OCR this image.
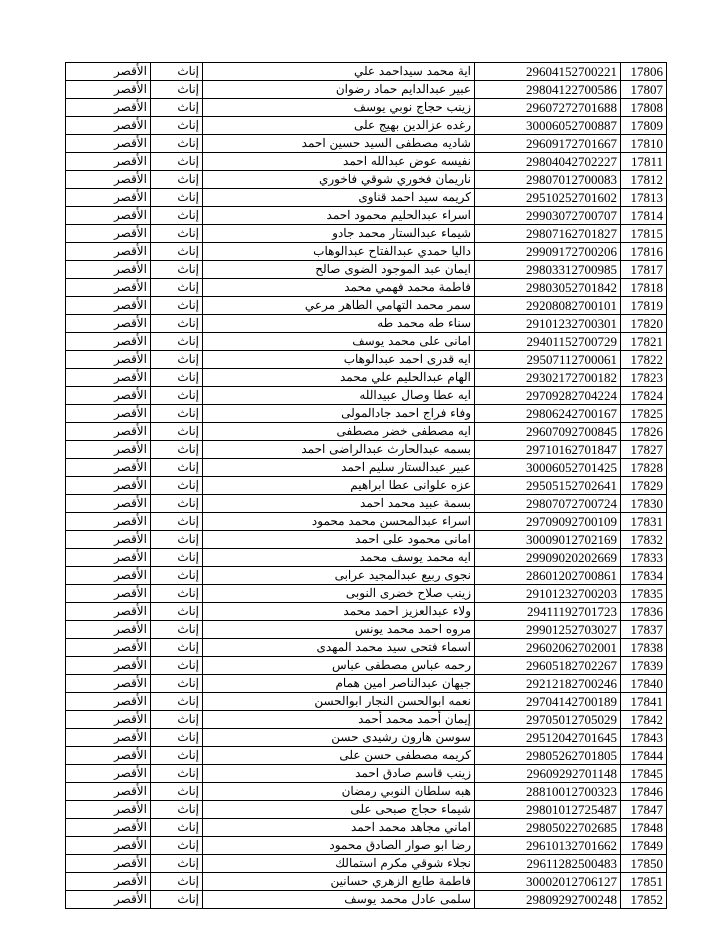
الأقصر	إناث	اية محمد سيداحمد علي	29604152700221	17806
الأقصر	إناث	عبير عبدالدايم حماد رضوان	29804122700586	17807
الأقصر	إناث	زينب حجاج نوبي يوسف	29607272701688	17808
الأقصر	إناث	رغده عزالدين بهيج على	30006052700887	17809
الأقصر	إناث	شاديه مصطفى السيد حسين احمد	29609172701667	17810
الأقصر	إناث	نفيسه عوض عبدالله احمد	29804042702227	17811
الأقصر	إناث	ناريمان فخوري شوقي فاخوري	29807012700083	17812
الأقصر	إناث	كريمه سيد احمد قناوى	29510252701602	17813
الأقصر	إناث	اسراء عبدالحليم محمود احمد	29903072700707	17814
الأقصر	إناث	شيماء عبدالستار محمد جادو	29807162701827	17815
الأقصر	إناث	داليا حمدي عبدالفتاح عبدالوهاب	29909172700206	17816
الأقصر	إناث	ايمان عبد الموجود الضوى صالح	29803312700985	17817
الأقصر	إناث	فاطمة محمد فهمي محمد	29803052701842	17818
الأقصر	إناث	سمر محمد التهامي الطاهر مرعي	29208082700101	17819
الأقصر	إناث	سناء طه محمد طه	29101232700301	17820
الأقصر	إناث	امانى على محمد يوسف	29401152700729	17821
الأقصر	إناث	ايه قدرى احمد عبدالوهاب	29507112700061	17822
الأقصر	إناث	الهام عبدالحليم علي محمد	29302172700182	17823
الأقصر	إناث	ايه عطا وصال عبيدالله	29709282704224	17824
الأقصر	إناث	وفاء فراج احمد جادالمولى	29806242700167	17825
الأقصر	إناث	ايه مصطفى خضر مصطفى	29607092700845	17826
الأقصر	إناث	بسمه عبدالحارث عبدالراضى احمد	29710162701847	17827
الأقصر	إناث	عبير عبدالستار سليم احمد	30006052701425	17828
الأقصر	إناث	عزه علوانى عطا ابراهيم	29505152702641	17829
الأقصر	إناث	بسمة عبيد محمد احمد	29807072700724	17830
الأقصر	إناث	اسراء عبدالمحسن محمد محمود	29709092700109	17831
الأقصر	إناث	امانى محمود على احمد	30009012702169	17832
الأقصر	إناث	ايه محمد يوسف محمد	29909020202669	17833
الأقصر	إناث	نجوى ربيع عبدالمجيد عرابى	28601202700861	17834
الأقصر	إناث	زينب صلاح خضرى النوبى	29101232700203	17835
الأقصر	إناث	ولاء عبدالعزيز احمد محمد	29411192701723	17836
الأقصر	إناث	مروه احمد محمد يونس	29901252703027	17837
الأقصر	إناث	اسماء فتحى سيد محمد المهدى	29602062702001	17838
الأقصر	إناث	رحمه عباس مصطفى عباس	29605182702267	17839
الأقصر	إناث	جيهان عبدالناصر امين همام	29212182700246	17840
الأقصر	إناث	نعمه ابوالحسن النجار ابوالحسن	29704142700189	17841
الأقصر	إناث	إيمان أحمد محمد أحمد	29705012705029	17842
الأقصر	إناث	سوسن هارون رشيدى حسن	29512042701645	17843
الأقصر	إناث	كريمه مصطفى حسن على	29805262701805	17844
الأقصر	إناث	زينب قاسم صادق احمد	29609292701148	17845
الأقصر	إناث	هبه سلطان النوبي رمضان	28810012700323	17846
الأقصر	إناث	شيماء حجاج صبحى على	29801012725487	17847
الأقصر	إناث	اماني مجاهد محمد احمد	29805022702685	17848
الأقصر	إناث	رضا ابو صوار الصادق محمود	29610132701662	17849
الأقصر	إناث	نجلاء شوقي مكرم استمالك	29611282500483	17850
الأقصر	إناث	فاطمة طايع الزهري حسانين	30002012706127	17851
الأقصر	إناث	سلمى عادل محمد يوسف	29809292700248	17852
